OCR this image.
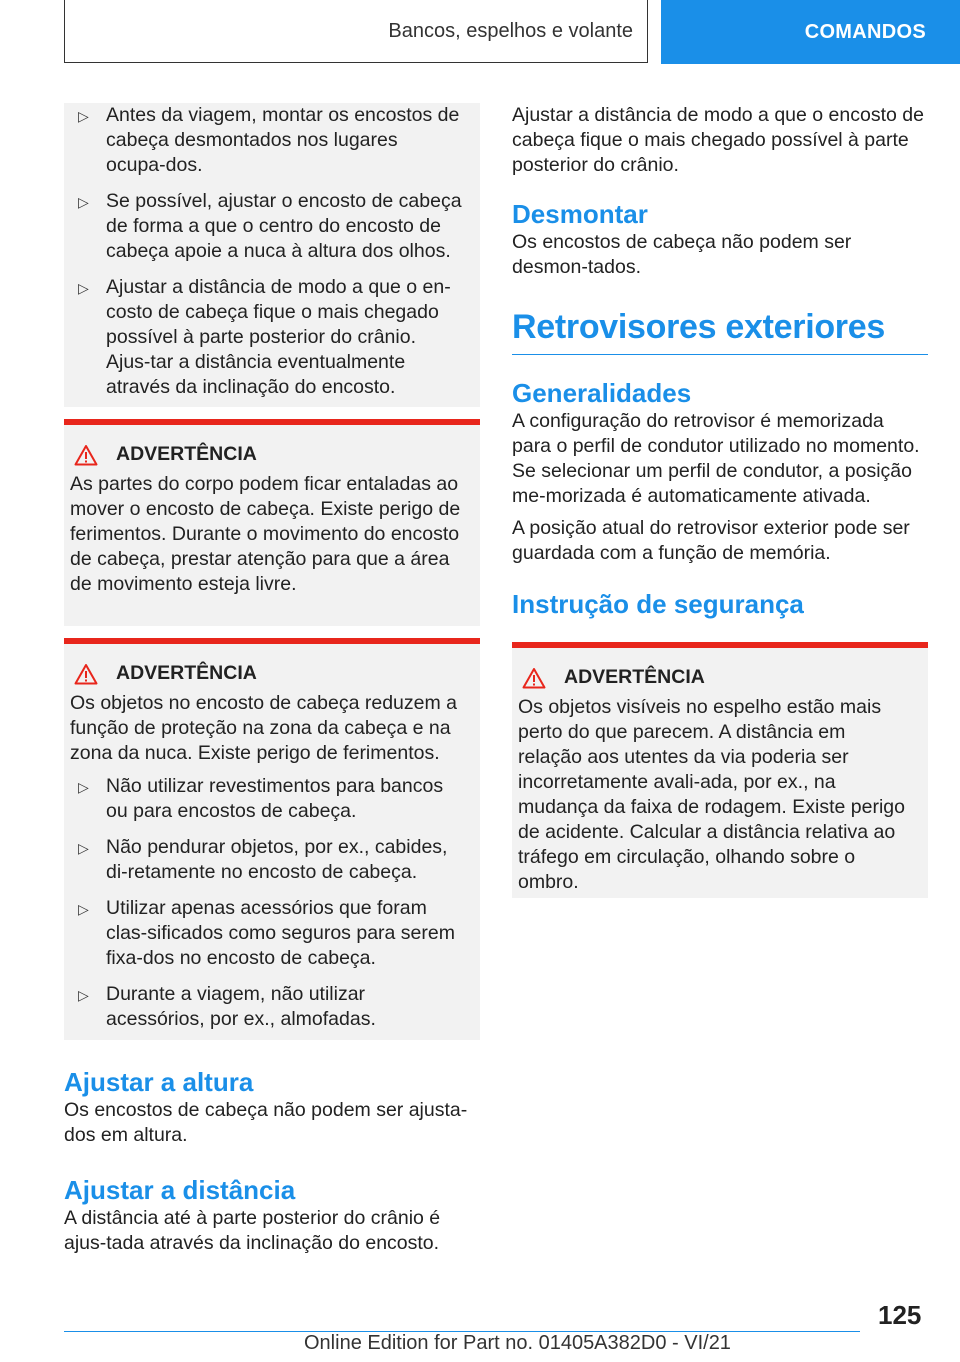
Bancos, espelhos e volante	COMANDOS
▷ Antes da viagem, montar os encostos de cabeça desmontados nos lugares ocupa-dos.
▷ Se possível, ajustar o encosto de cabeça de forma a que o centro do encosto de cabeça apoie a nuca à altura dos olhos.
▷ Ajustar a distância de modo a que o en-costo de cabeça fique o mais chegado possível à parte posterior do crânio. Ajus-tar a distância eventualmente através da inclinação do encosto.
ADVERTÊNCIA

As partes do corpo podem ficar entaladas ao mover o encosto de cabeça. Existe perigo de ferimentos. Durante o movimento do encosto de cabeça, prestar atenção para que a área de movimento esteja livre.

ADVERTÊNCIA

Os objetos no encosto de cabeça reduzem a função de proteção na zona da cabeça e na zona da nuca. Existe perigo de ferimentos.

▷ Não utilizar revestimentos para bancos ou para encostos de cabeça.
▷ Não pendurar objetos, por ex., cabides, di-retamente no encosto de cabeça.
▷ Utilizar apenas acessórios que foram clas-sificados como seguros para serem fixa-dos no encosto de cabeça.
▷ Durante a viagem, não utilizar acessórios, por ex., almofadas.
Ajustar a altura

Os encostos de cabeça não podem ser ajusta-dos em altura.

Ajustar a distância

A distância até à parte posterior do crânio é ajus-tada através da inclinação do encosto.

Ajustar a distância de modo a que o encosto de cabeça fique o mais chegado possível à parte posterior do crânio.

Desmontar

Os encostos de cabeça não podem ser desmon-tados.

Retrovisores exteriores
Generalidades

A configuração do retrovisor é memorizada para o perfil de condutor utilizado no momento. Se selecionar um perfil de condutor, a posição me-morizada é automaticamente ativada.

A posição atual do retrovisor exterior pode ser guardada com a função de memória.

Instrução de segurança
ADVERTÊNCIA

Os objetos visíveis no espelho estão mais perto do que parecem. A distância em relação aos utentes da via poderia ser incorretamente avali-ada, por ex., na mudança da faixa de rodagem. Existe perigo de acidente. Calcular a distância relativa ao tráfego em circulação, olhando sobre o ombro.

125
Online Edition for Part no. 01405A382D0 - VI/21
